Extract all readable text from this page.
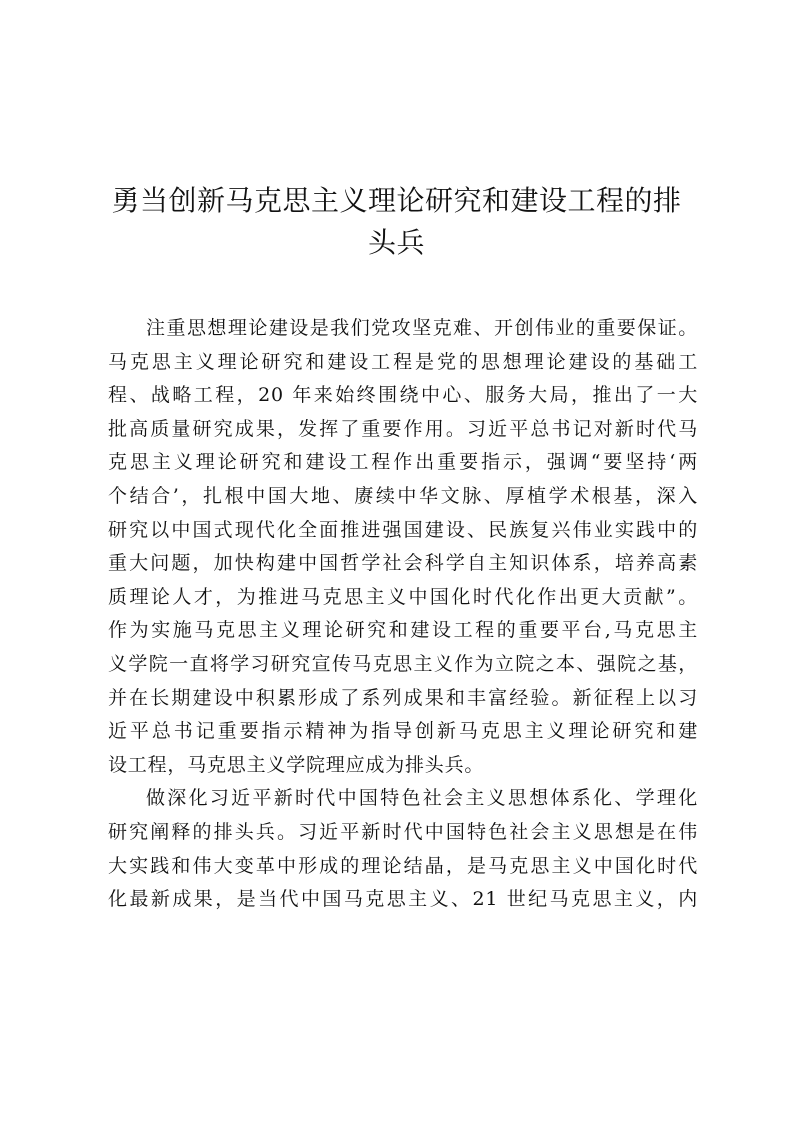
勇当创新马克思主义理论研究和建设工程的排
头兵
注重思想理论建设是我们党攻坚克难、开创伟业的重要保证。
马克思主义理论研究和建设工程是党的思想理论建设的基础工
程、战略工程，20 年来始终围绕中心、服务大局，推出了一大
批高质量研究成果，发挥了重要作用。习近平总书记对新时代马
克思主义理论研究和建设工程作出重要指示，强调“要坚持‘两
个结合’，扎根中国大地、赓续中华文脉、厚植学术根基，深入
研究以中国式现代化全面推进强国建设、民族复兴伟业实践中的
重大问题，加快构建中国哲学社会科学自主知识体系，培养高素
质理论人才，为推进马克思主义中国化时代化作出更大贡献”。
作为实施马克思主义理论研究和建设工程的重要平台,马克思主
义学院一直将学习研究宣传马克思主义作为立院之本、强院之基，
并在长期建设中积累形成了系列成果和丰富经验。新征程上以习
近平总书记重要指示精神为指导创新马克思主义理论研究和建
设工程，马克思主义学院理应成为排头兵。
做深化习近平新时代中国特色社会主义思想体系化、学理化
研究阐释的排头兵。习近平新时代中国特色社会主义思想是在伟
大实践和伟大变革中形成的理论结晶，是马克思主义中国化时代
化最新成果，是当代中国马克思主义、21 世纪马克思主义，内
